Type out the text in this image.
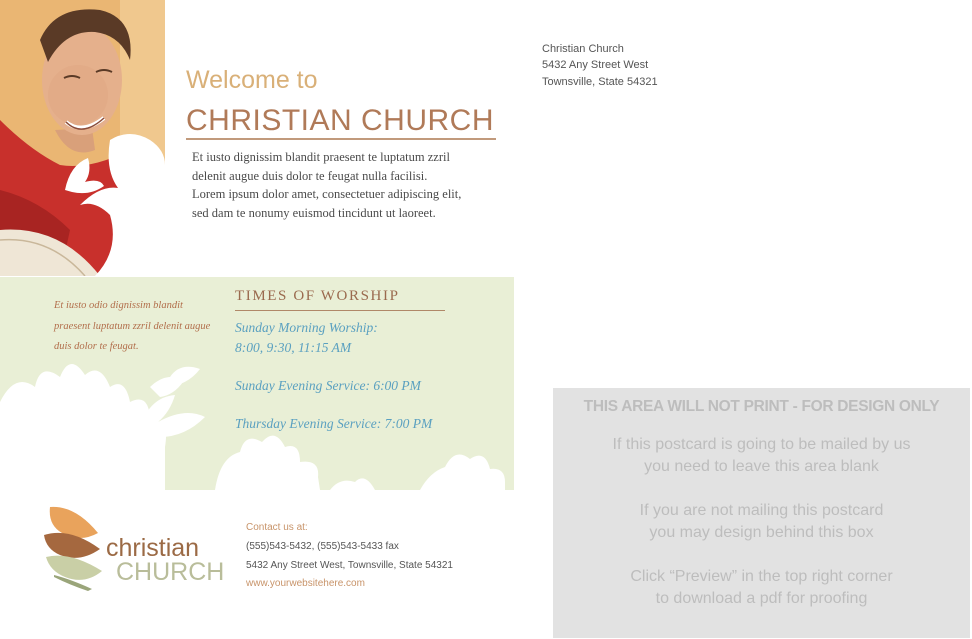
Welcome to
CHRISTIAN CHURCH
Et iusto dignissim blandit praesent te luptatum zzril delenit augue duis dolor te feugat nulla facilisi. Lorem ipsum dolor amet, consectetuer adipiscing elit, sed dam te nonumy euismod tincidunt ut laoreet.
Christian Church
5432 Any Street West
Townsville, State 54321
Et iusto odio dignissim blandit praesent luptatum zzril delenit augue duis dolor te feugat.
TIMES OF WORSHIP
Sunday Morning Worship:
8:00, 9:30, 11:15 AM
Sunday Evening Service: 6:00 PM
Thursday Evening Service: 7:00 PM
christian
CHURCH
Contact us at:
(555)543-5432, (555)543-5433 fax
5432 Any Street West, Townsville, State 54321
www.yourwebsitehere.com
THIS AREA WILL NOT PRINT - FOR DESIGN ONLY
If this postcard is going to be mailed by us
you need to leave this area blank
If you are not mailing this postcard
you may design behind this box
Click “Preview” in the top right corner
to download a pdf for proofing
